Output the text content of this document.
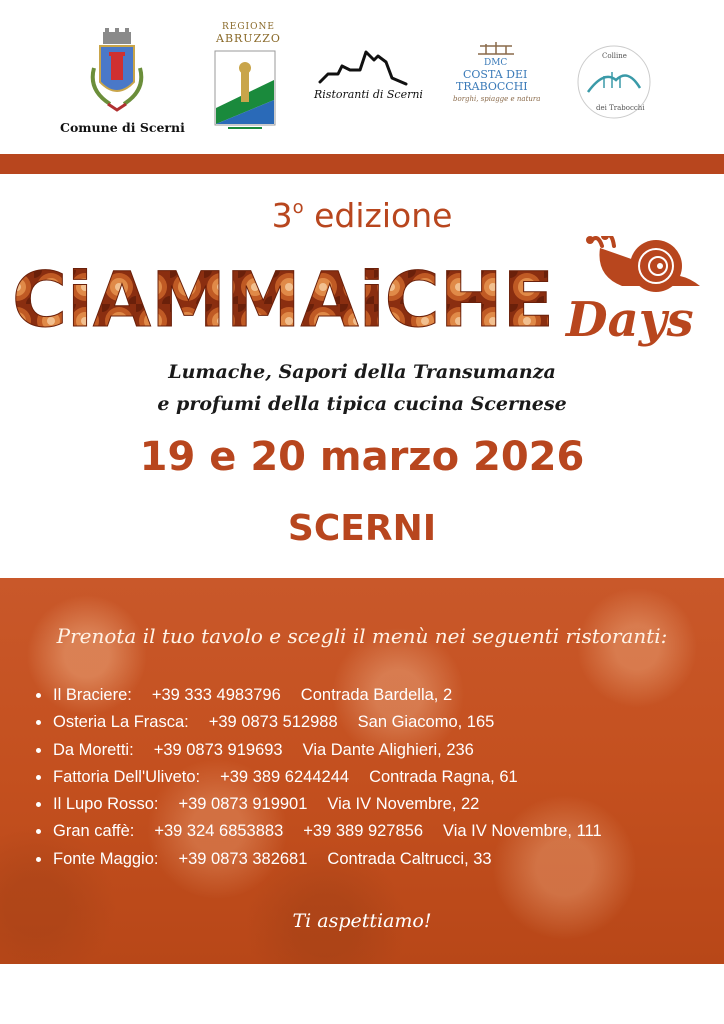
Comune di Scerni
REGIONE
ABRUZZO
Ristoranti di Scerni
DMC
COSTA DEI
TRABOCCHI
borghi, spiagge e natura
Colline
dei Trabocchi
3$^o$ edizione
CiAMMAiCHE Days
Lumache, Sapori della Transumanza
e profumi della tipica cucina Scernese
19 e 20 marzo 2026
SCERNI
Prenota il tuo tavolo e scegli il menù nei seguenti ristoranti:
Il Braciere: +39 333 4983796 Contrada Bardella, 2
Osteria La Frasca: +39 0873 512988 San Giacomo, 165
Da Moretti: +39 0873 919693 Via Dante Alighieri, 236
Fattoria Dell'Uliveto: +39 389 6244244 Contrada Ragna, 61
Il Lupo Rosso: +39 0873 919901 Via IV Novembre, 22
Gran caffè: +39 324 6853883 +39 389 927856 Via IV Novembre, 111
Fonte Maggio: +39 0873 382681 Contrada Caltrucci, 33
Ti aspettiamo!
